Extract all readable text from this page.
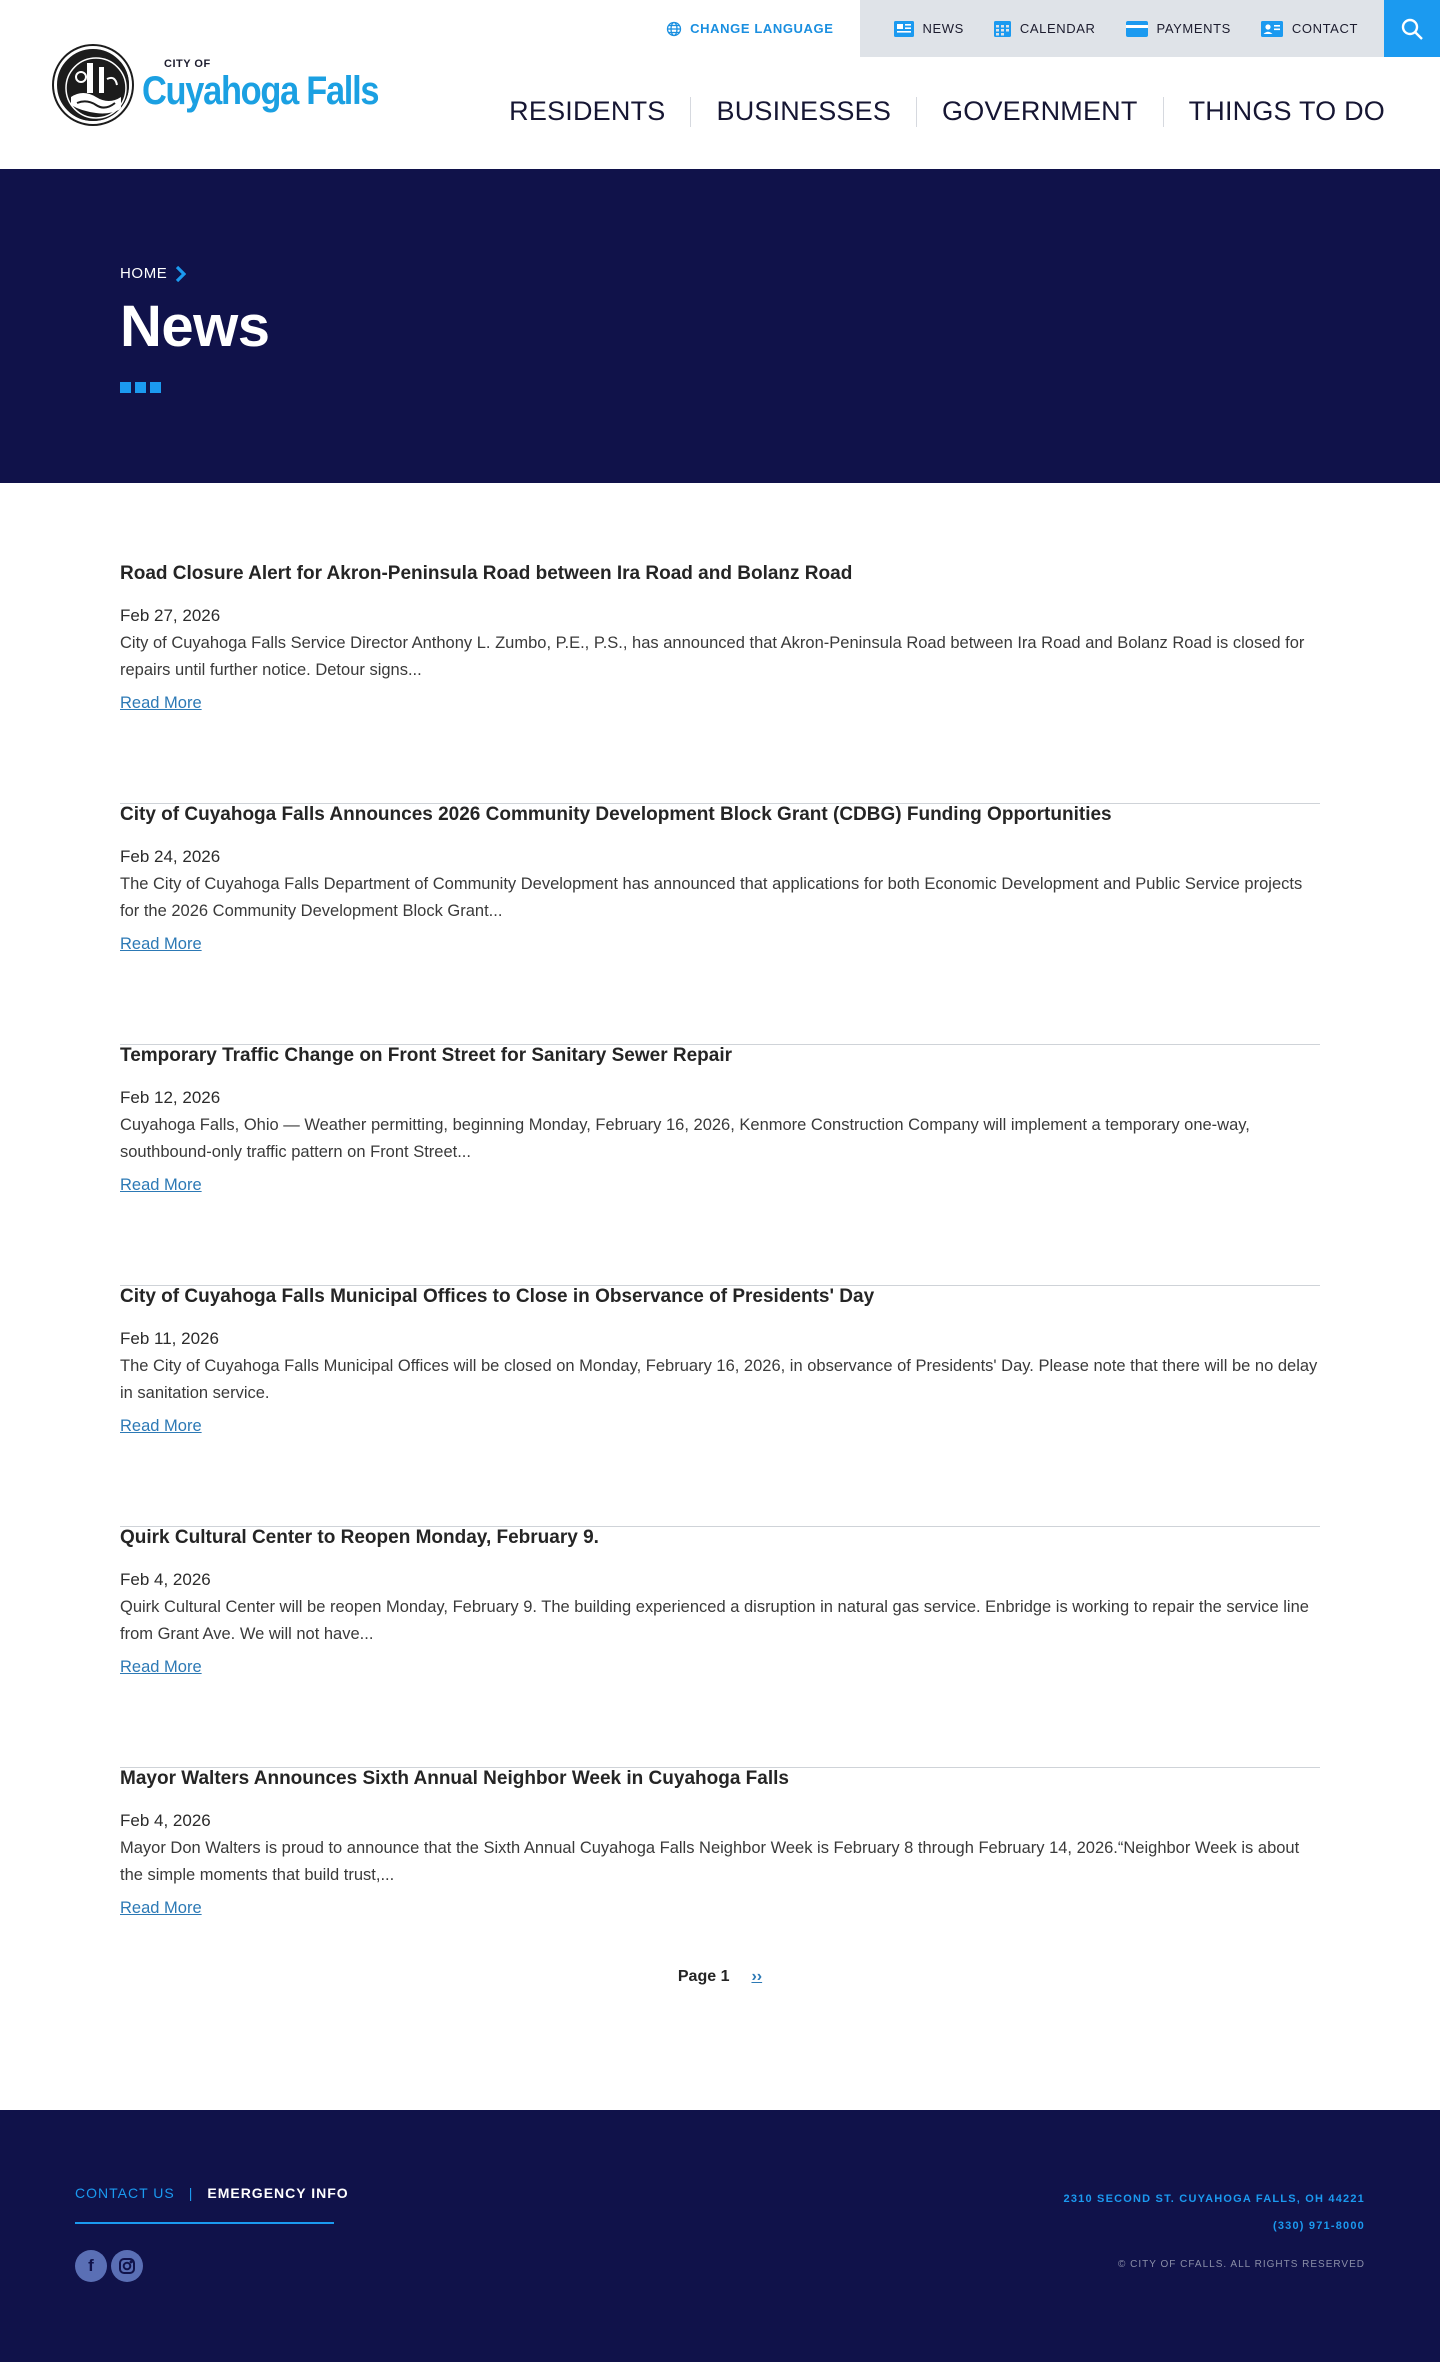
CHANGE LANGUAGE	NEWS	CALENDAR	PAYMENTS	CONTACT
CITY OF
Cuyahoga Falls	RESIDENTS	BUSINESSES	GOVERNMENT	THINGS TO DO
HOME
News
Road Closure Alert for Akron-Peninsula Road between Ira Road and Bolanz Road
Feb 27, 2026

City of Cuyahoga Falls Service Director Anthony L. Zumbo, P.E., P.S., has announced that Akron-Peninsula Road between Ira Road and Bolanz Road is closed for repairs until further notice. Detour signs...

Read More
City of Cuyahoga Falls Announces 2026 Community Development Block Grant (CDBG) Funding Opportunities
Feb 24, 2026

The City of Cuyahoga Falls Department of Community Development has announced that applications for both Economic Development and Public Service projects for the 2026 Community Development Block Grant...

Read More
Temporary Traffic Change on Front Street for Sanitary Sewer Repair
Feb 12, 2026

Cuyahoga Falls, Ohio — Weather permitting, beginning Monday, February 16, 2026, Kenmore Construction Company will implement a temporary one-way, southbound-only traffic pattern on Front Street...

Read More
City of Cuyahoga Falls Municipal Offices to Close in Observance of Presidents' Day
Feb 11, 2026

The City of Cuyahoga Falls Municipal Offices will be closed on Monday, February 16, 2026, in observance of Presidents' Day. Please note that there will be no delay in sanitation service.

Read More
Quirk Cultural Center to Reopen Monday, February 9.
Feb 4, 2026

Quirk Cultural Center will be reopen Monday, February 9. The building experienced a disruption in natural gas service. Enbridge is working to repair the service line from Grant Ave. We will not have...

Read More
Mayor Walters Announces Sixth Annual Neighbor Week in Cuyahoga Falls
Feb 4, 2026

Mayor Don Walters is proud to announce that the Sixth Annual Cuyahoga Falls Neighbor Week is February 8 through February 14, 2026.“Neighbor Week is about the simple moments that build trust,...

Read More
Page 1 ››
CONTACT US | EMERGENCY INFO
f
2310 SECOND ST. CUYAHOGA FALLS, OH 44221
(330) 971-8000
© CITY OF CFALLS. ALL RIGHTS RESERVED
